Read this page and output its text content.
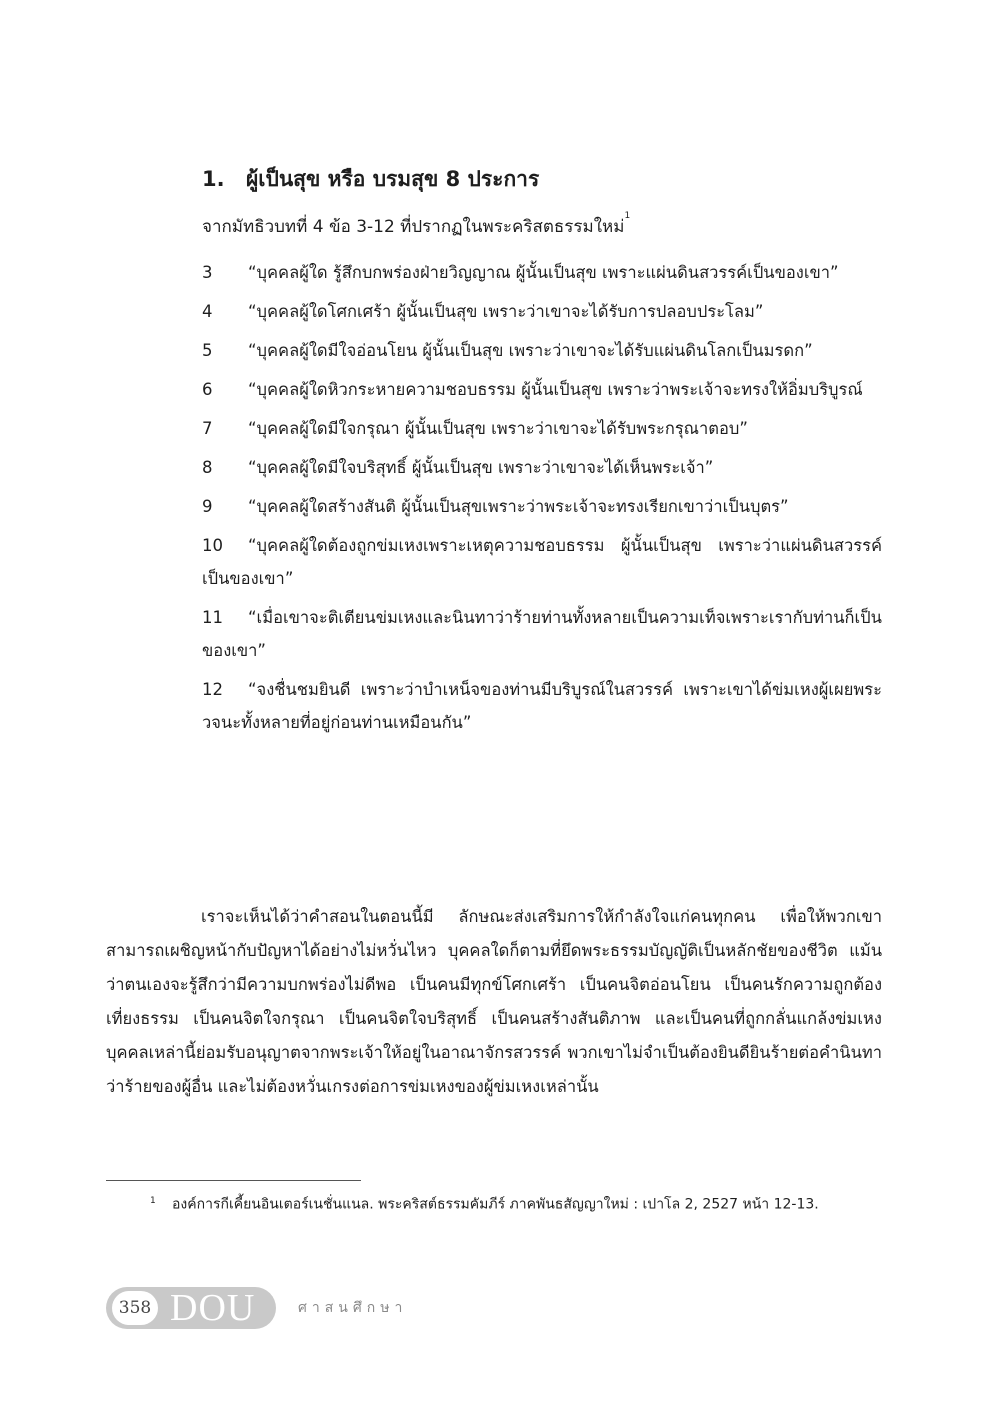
1. ผู้เป็นสุข หรือ บรมสุข 8 ประการ
จากมัทธิวบทที่ 4 ข้อ 3-12 ที่ปรากฏในพระคริสตธรรมใหม่$^1$
3 “บุคคลผู้ใด รู้สึกบกพร่องฝ่ายวิญญาณ ผู้นั้นเป็นสุข เพราะแผ่นดินสวรรค์เป็นของเขา”
4 “บุคคลผู้ใดโศกเศร้า ผู้นั้นเป็นสุข เพราะว่าเขาจะได้รับการปลอบประโลม”
5 “บุคคลผู้ใดมีใจอ่อนโยน ผู้นั้นเป็นสุข เพราะว่าเขาจะได้รับแผ่นดินโลกเป็นมรดก”
6 “บุคคลผู้ใดหิวกระหายความชอบธรรม ผู้นั้นเป็นสุข เพราะว่าพระเจ้าจะทรงให้อิ่มบริบูรณ์
7 “บุคคลผู้ใดมีใจกรุณา ผู้นั้นเป็นสุข เพราะว่าเขาจะได้รับพระกรุณาตอบ”
8 “บุคคลผู้ใดมีใจบริสุทธิ์ ผู้นั้นเป็นสุข เพราะว่าเขาจะได้เห็นพระเจ้า”
9 “บุคคลผู้ใดสร้างสันติ ผู้นั้นเป็นสุขเพราะว่าพระเจ้าจะทรงเรียกเขาว่าเป็นบุตร”
10 “บุคคลผู้ใดต้องถูกข่มเหงเพราะเหตุความชอบธรรม ผู้นั้นเป็นสุข เพราะว่าแผ่นดินสวรรค์เป็นของเขา”
11 “เมื่อเขาจะติเตียนข่มเหงและนินทาว่าร้ายท่านทั้งหลายเป็นความเท็จเพราะเรากับท่านก็เป็นของเขา”
12 “จงชื่นชมยินดี เพราะว่าบำเหน็จของท่านมีบริบูรณ์ในสวรรค์ เพราะเขาได้ข่มเหงผู้เผยพระวจนะทั้งหลายที่อยู่ก่อนท่านเหมือนกัน”

เราจะเห็นได้ว่าคำสอนในตอนนี้มี ลักษณะส่งเสริมการให้กำลังใจแก่คนทุกคน เพื่อให้พวกเขาสามารถเผชิญหน้ากับปัญหาได้อย่างไม่หวั่นไหว บุคคลใดก็ตามที่ยึดพระธรรมบัญญัติเป็นหลักชัยของชีวิต แม้นว่าตนเองจะรู้สึกว่ามีความบกพร่องไม่ดีพอ เป็นคนมีทุกข์โศกเศร้า เป็นคนจิตอ่อนโยน เป็นคนรักความถูกต้องเที่ยงธรรม เป็นคนจิตใจกรุณา เป็นคนจิตใจบริสุทธิ์ เป็นคนสร้างสันติภาพ และเป็นคนที่ถูกกลั่นแกล้งข่มเหง บุคคลเหล่านี้ย่อมรับอนุญาตจากพระเจ้าให้อยู่ในอาณาจักรสวรรค์ พวกเขาไม่จำเป็นต้องยินดียินร้ายต่อคำนินทาว่าร้ายของผู้อื่น และไม่ต้องหวั่นเกรงต่อการข่มเหงของผู้ข่มเหงเหล่านั้น

$^1$ องค์การกีเคี้ยนอินเตอร์เนชั่นแนล. พระคริสต์ธรรมคัมภีร์ ภาคพันธสัญญาใหม่ : เปาโล 2, 2527 หน้า 12-13.

358 DOU	ศาสนศึกษา
